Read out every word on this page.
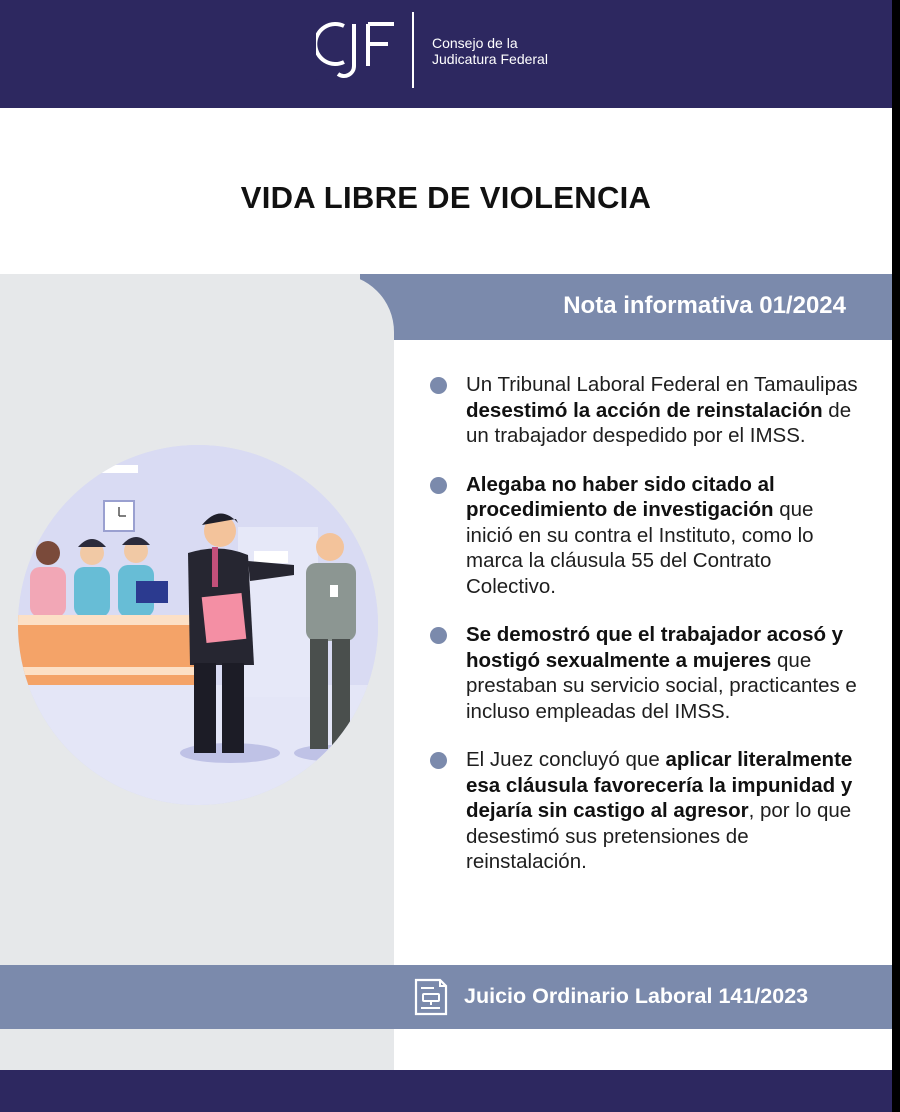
CJF
Consejo de la
Judicatura Federal
VIDA LIBRE DE VIOLENCIA
Nota informativa 01/2024
Un Tribunal Laboral Federal en Tamaulipas desestimó la acción de reinstalación de un trabajador despedido por el IMSS.
Alegaba no haber sido citado al procedimiento de investigación que inició en su contra el Instituto, como lo marca la cláusula 55 del Contrato Colectivo.
Se demostró que el trabajador acosó y hostigó sexualmente a mujeres que prestaban su servicio social, practicantes e incluso empleadas del IMSS.
El Juez concluyó que aplicar literalmente esa cláusula favorecería la impunidad y dejaría sin castigo al agresor, por lo que desestimó sus pretensiones de reinstalación.
Juicio Ordinario Laboral 141/2023
